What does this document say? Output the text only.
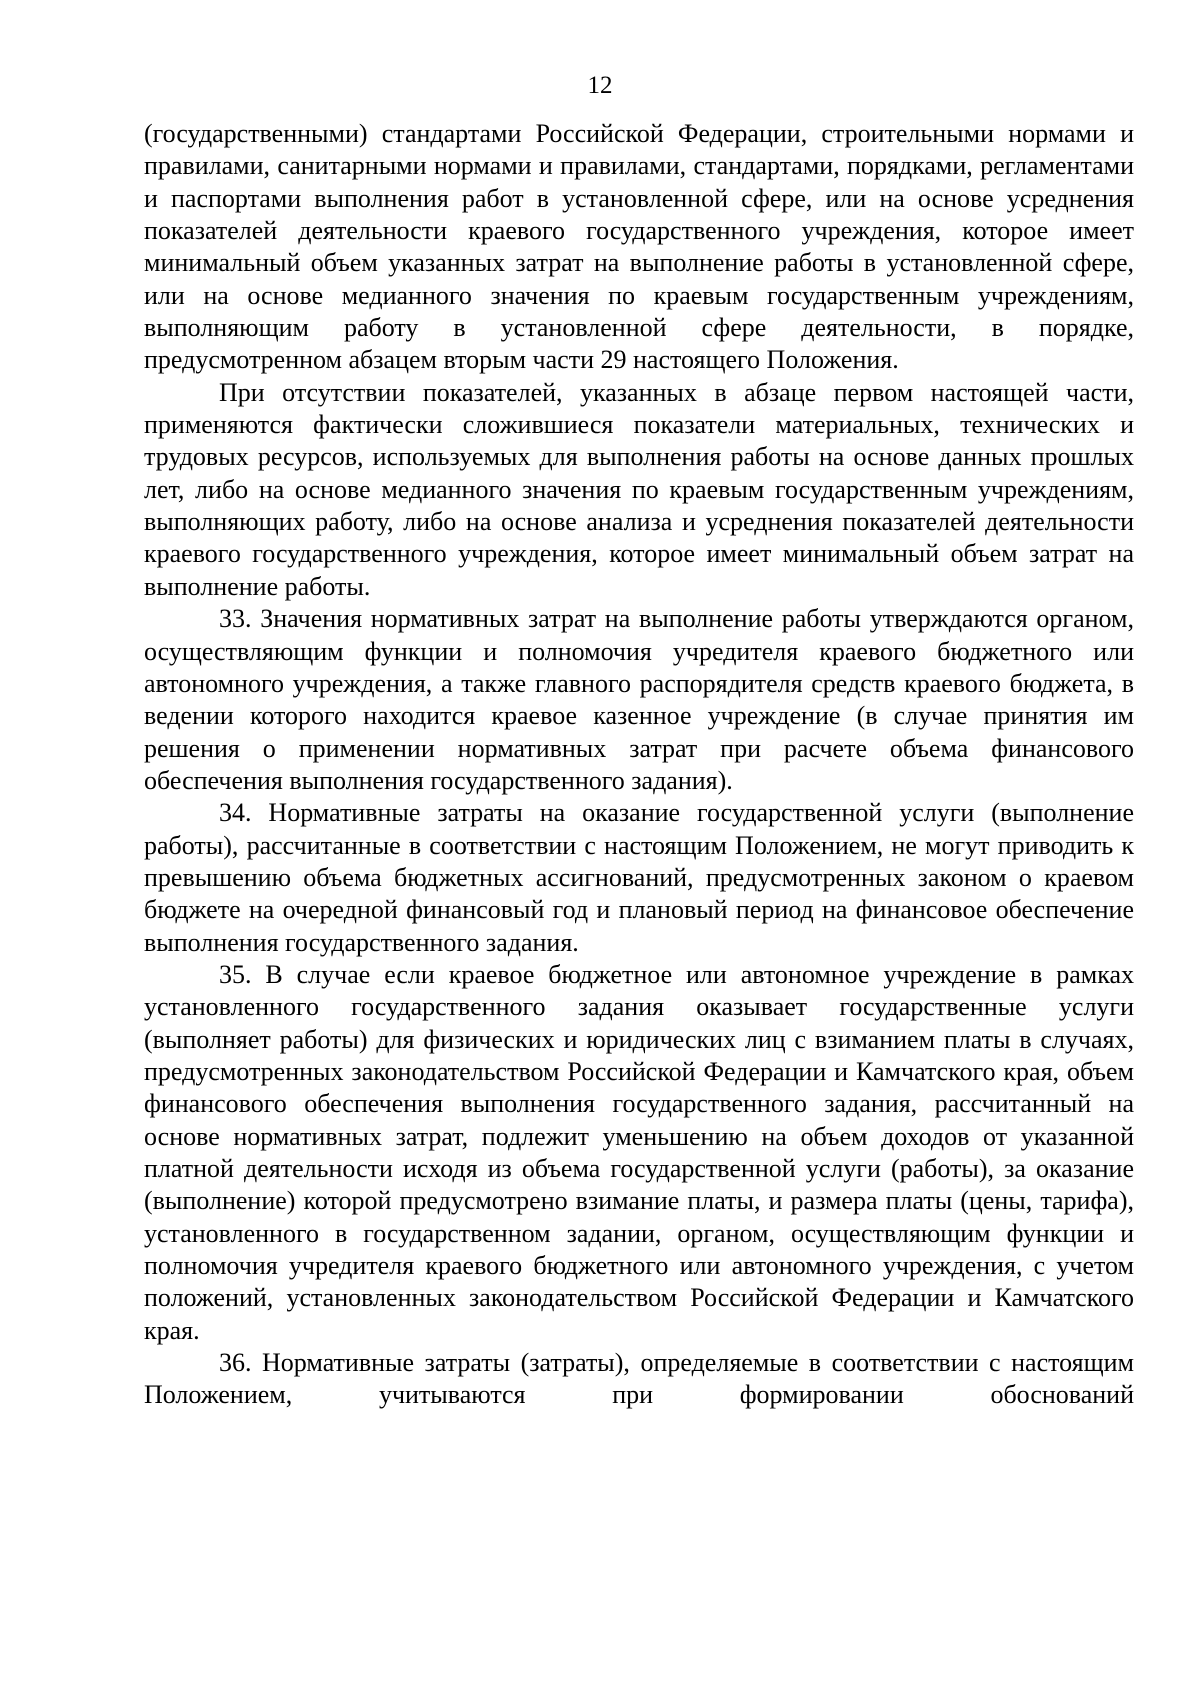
12

(государственными) стандартами Российской Федерации, строительными нормами и правилами, санитарными нормами и правилами, стандартами, порядками, регламентами и паспортами выполнения работ в установленной сфере, или на основе усреднения показателей деятельности краевого государственного учреждения, которое имеет минимальный объем указанных затрат на выполнение работы в установленной сфере, или на основе медианного значения по краевым государственным учреждениям, выполняющим работу в установленной сфере деятельности, в порядке, предусмотренном абзацем вторым части 29 настоящего Положения.

При отсутствии показателей, указанных в абзаце первом настоящей части, применяются фактически сложившиеся показатели материальных, технических и трудовых ресурсов, используемых для выполнения работы на основе данных прошлых лет, либо на основе медианного значения по краевым государственным учреждениям, выполняющих работу, либо на основе анализа и усреднения показателей деятельности краевого государственного учреждения, которое имеет минимальный объем затрат на выполнение работы.

33. Значения нормативных затрат на выполнение работы утверждаются органом, осуществляющим функции и полномочия учредителя краевого бюджетного или автономного учреждения, а также главного распорядителя средств краевого бюджета, в ведении которого находится краевое казенное учреждение (в случае принятия им решения о применении нормативных затрат при расчете объема финансового обеспечения выполнения государственного задания).

34. Нормативные затраты на оказание государственной услуги (выполнение работы), рассчитанные в соответствии с настоящим Положением, не могут приводить к превышению объема бюджетных ассигнований, предусмотренных законом о краевом бюджете на очередной финансовый год и плановый период на финансовое обеспечение выполнения государственного задания.

35. В случае если краевое бюджетное или автономное учреждение в рамках установленного государственного задания оказывает государственные услуги (выполняет работы) для физических и юридических лиц с взиманием платы в случаях, предусмотренных законодательством Российской Федерации и Камчатского края, объем финансового обеспечения выполнения государственного задания, рассчитанный на основе нормативных затрат, подлежит уменьшению на объем доходов от указанной платной деятельности исходя из объема государственной услуги (работы), за оказание (выполнение) которой предусмотрено взимание платы, и размера платы (цены, тарифа), установленного в государственном задании, органом, осуществляющим функции и полномочия учредителя краевого бюджетного или автономного учреждения, с учетом положений, установленных законодательством Российской Федерации и Камчатского края.

36. Нормативные затраты (затраты), определяемые в соответствии с настоящим Положением, учитываются при формировании обоснований
